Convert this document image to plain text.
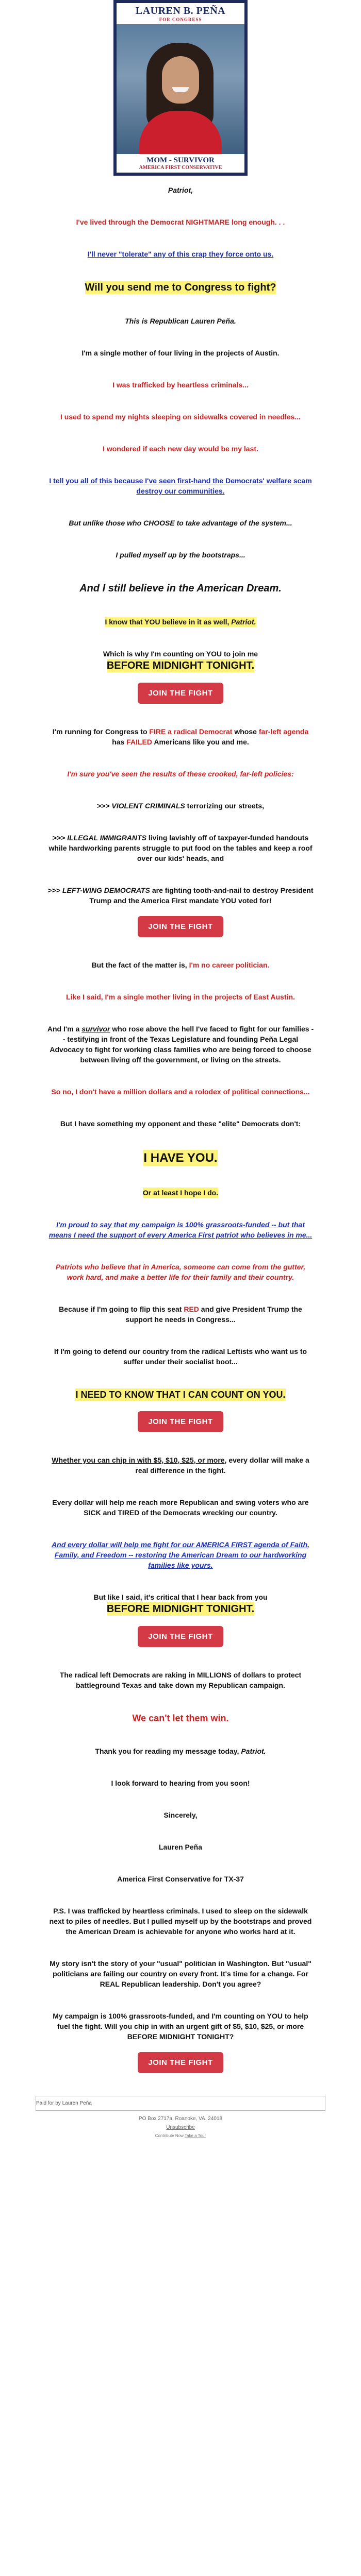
LAUREN B. PEÑA
FOR CONGRESS
MOM - SURVIVOR
AMERICA FIRST CONSERVATIVE

Patriot,

I've lived through the Democrat NIGHTMARE long enough. . .

I'll never "tolerate" any of this crap they force onto us.

Will you send me to Congress to fight?

This is Republican Lauren Peña.

I'm a single mother of four living in the projects of Austin.

I was trafficked by heartless criminals...

I used to spend my nights sleeping on sidewalks covered in needles...

I wondered if each new day would be my last.

I tell you all of this because I've seen first-hand the Democrats' welfare scam destroy our communities.

But unlike those who CHOOSE to take advantage of the system...

I pulled myself up by the bootstraps...

And I still believe in the American Dream.

I know that YOU believe in it as well, Patriot.

Which is why I'm counting on YOU to join me
BEFORE MIDNIGHT TONIGHT.

JOIN THE FIGHT

I'm running for Congress to FIRE a radical Democrat whose far-left agenda has FAILED Americans like you and me.

I'm sure you've seen the results of these crooked, far-left policies:

>>> VIOLENT CRIMINALS terrorizing our streets,

>>> ILLEGAL IMMIGRANTS living lavishly off of taxpayer-funded handouts while hardworking parents struggle to put food on the tables and keep a roof over our kids' heads, and

>>> LEFT-WING DEMOCRATS are fighting tooth-and-nail to destroy President Trump and the America First mandate YOU voted for!

JOIN THE FIGHT

But the fact of the matter is, I'm no career politician.

Like I said, I'm a single mother living in the projects of East Austin.

And I'm a survivor who rose above the hell I've faced to fight for our families -- testifying in front of the Texas Legislature and founding Peña Legal Advocacy to fight for working class families who are being forced to choose between living off the government, or living on the streets.

So no, I don't have a million dollars and a rolodex of political connections...

But I have something my opponent and these "elite" Democrats don't:

I HAVE YOU.

Or at least I hope I do.

I'm proud to say that my campaign is 100% grassroots-funded -- but that means I need the support of every America First patriot who believes in me...

Patriots who believe that in America, someone can come from the gutter, work hard, and make a better life for their family and their country.

Because if I'm going to flip this seat RED and give President Trump the support he needs in Congress...

If I'm going to defend our country from the radical Leftists who want us to suffer under their socialist boot...

I NEED TO KNOW THAT I CAN COUNT ON YOU.

JOIN THE FIGHT

Whether you can chip in with $5, $10, $25, or more, every dollar will make a real difference in the fight.

Every dollar will help me reach more Republican and swing voters who are SICK and TIRED of the Democrats wrecking our country.

And every dollar will help me fight for our AMERICA FIRST agenda of Faith, Family, and Freedom -- restoring the American Dream to our hardworking families like yours.

But like I said, it's critical that I hear back from you
BEFORE MIDNIGHT TONIGHT.

JOIN THE FIGHT

The radical left Democrats are raking in MILLIONS of dollars to protect battleground Texas and take down my Republican campaign.

We can't let them win.

Thank you for reading my message today, Patriot.

I look forward to hearing from you soon!

Sincerely,

Lauren Peña

America First Conservative for TX-37

P.S. I was trafficked by heartless criminals. I used to sleep on the sidewalk next to piles of needles. But I pulled myself up by the bootstraps and proved the American Dream is achievable for anyone who works hard at it.

My story isn't the story of your "usual" politician in Washington. But "usual" politicians are failing our country on every front. It's time for a change. For REAL Republican leadership. Don't you agree?

My campaign is 100% grassroots-funded, and I'm counting on YOU to help fuel the fight. Will you chip in with an urgent gift of $5, $10, $25, or more BEFORE MIDNIGHT TONIGHT?

JOIN THE FIGHT
Paid for by Lauren Peña
PO Box 2717a, Roanoke, VA, 24018
Unsubscribe
Contribute Now Take a Tour
